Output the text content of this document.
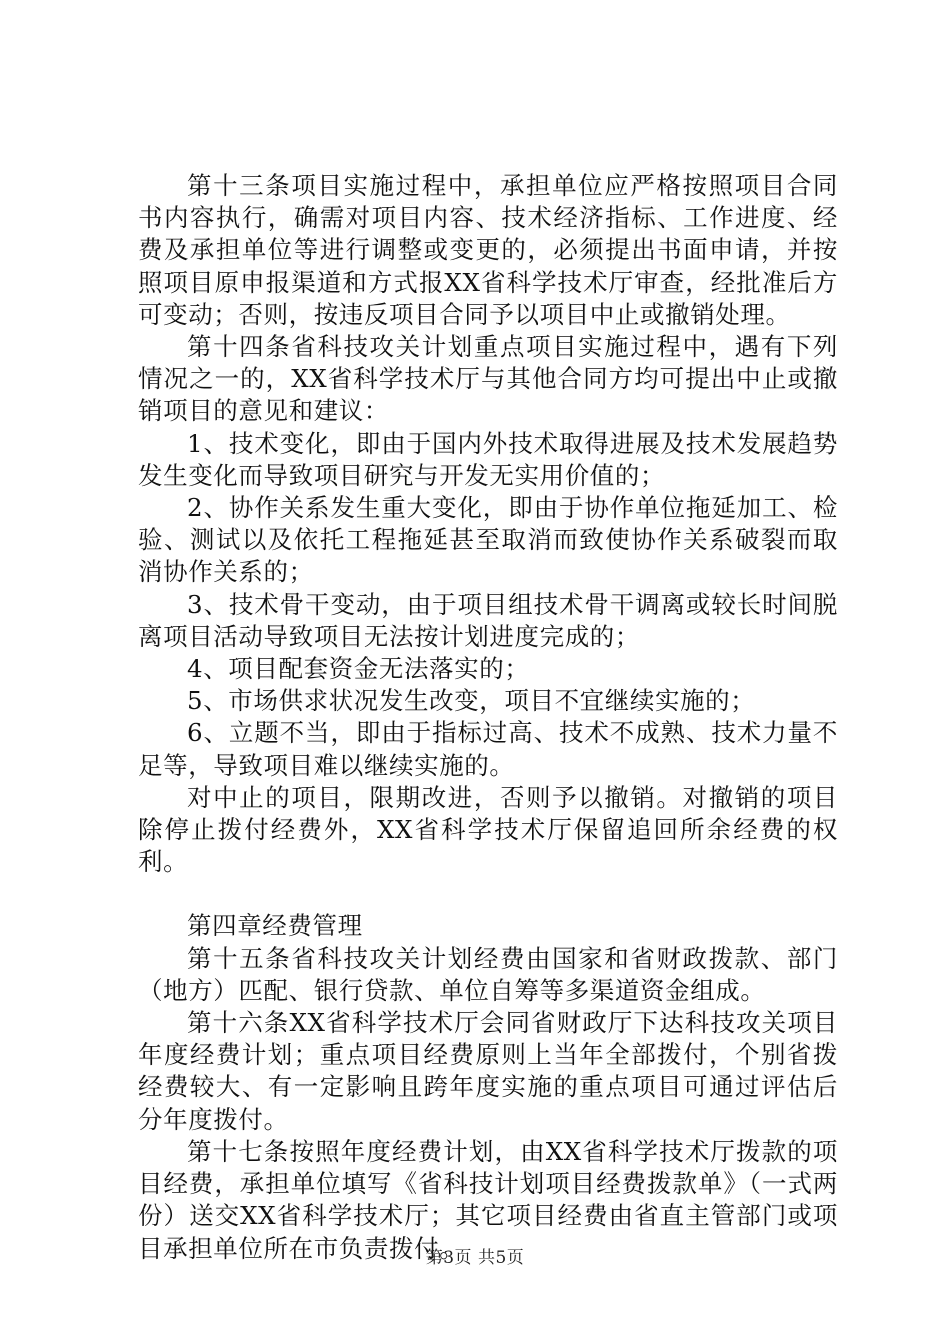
第十三条项目实施过程中，承担单位应严格按照项目合同书内容执行，确需对项目内容、技术经济指标、工作进度、经费及承担单位等进行调整或变更的，必须提出书面申请，并按照项目原申报渠道和方式报XX省科学技术厅审查，经批准后方可变动；否则，按违反项目合同予以项目中止或撤销处理。

第十四条省科技攻关计划重点项目实施过程中，遇有下列情况之一的，XX省科学技术厅与其他合同方均可提出中止或撤销项目的意见和建议：

1、技术变化，即由于国内外技术取得进展及技术发展趋势发生变化而导致项目研究与开发无实用价值的；

2、协作关系发生重大变化，即由于协作单位拖延加工、检验、测试以及依托工程拖延甚至取消而致使协作关系破裂而取消协作关系的；

3、技术骨干变动，由于项目组技术骨干调离或较长时间脱离项目活动导致项目无法按计划进度完成的；

4、项目配套资金无法落实的；

5、市场供求状况发生改变，项目不宜继续实施的；

6、立题不当，即由于指标过高、技术不成熟、技术力量不足等，导致项目难以继续实施的。

对中止的项目，限期改进，否则予以撤销。对撤销的项目除停止拨付经费外，XX省科学技术厅保留追回所余经费的权利。

第四章经费管理

第十五条省科技攻关计划经费由国家和省财政拨款、部门（地方）匹配、银行贷款、单位自筹等多渠道资金组成。

第十六条XX省科学技术厅会同省财政厅下达科技攻关项目年度经费计划；重点项目经费原则上当年全部拨付，个别省拨经费较大、有一定影响且跨年度实施的重点项目可通过评估后分年度拨付。

第十七条按照年度经费计划，由XX省科学技术厅拨款的项目经费，承担单位填写《省科技计划项目经费拨款单》（一式两份）送交XX省科学技术厅；其它项目经费由省直主管部门或项目承担单位所在市负责拨付。

第3页 共5页
